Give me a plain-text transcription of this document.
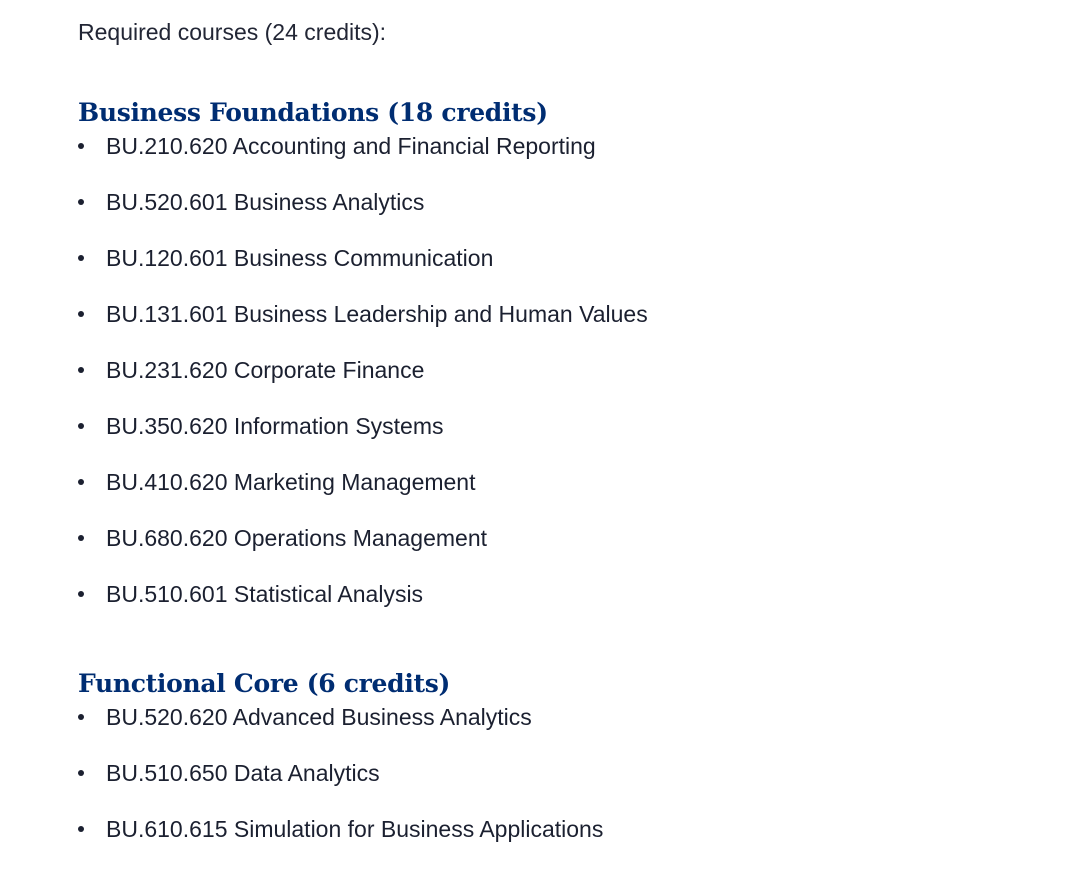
Required courses (24 credits):

Business Foundations (18 credits)
BU.210.620 Accounting and Financial Reporting
BU.520.601 Business Analytics
BU.120.601 Business Communication
BU.131.601 Business Leadership and Human Values
BU.231.620 Corporate Finance
BU.350.620 Information Systems
BU.410.620 Marketing Management
BU.680.620 Operations Management
BU.510.601 Statistical Analysis
Functional Core (6 credits)
BU.520.620 Advanced Business Analytics
BU.510.650 Data Analytics
BU.610.615 Simulation for Business Applications
